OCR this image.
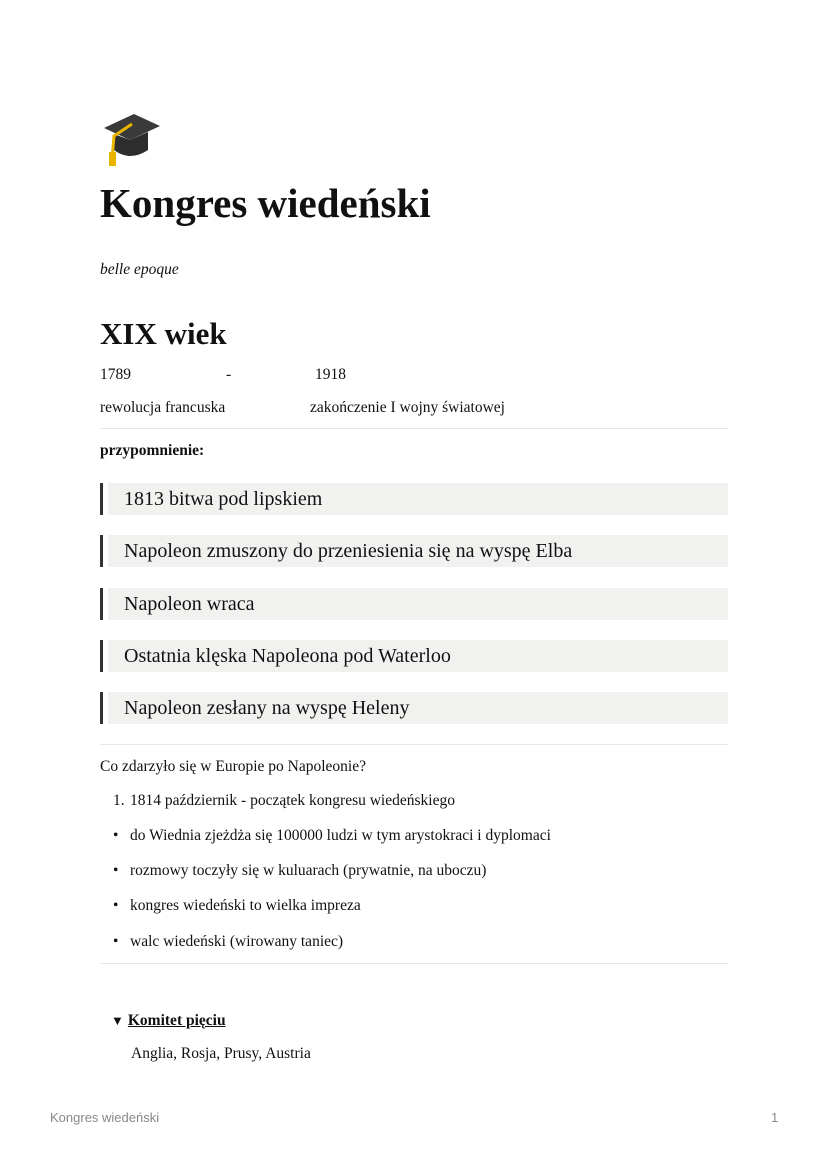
Kongres wiedeński
belle epoque
XIX wiek
1789	-	1918
rewolucja francuska	zakończenie I wojny światowej
przypomnienie:
1813 bitwa pod lipskiem
Napoleon zmuszony do przeniesienia się na wyspę Elba
Napoleon wraca
Ostatnia klęska Napoleona pod Waterloo
Napoleon zesłany na wyspę Heleny
Co zdarzyło się w Europie po Napoleonie?
1. 1814 październik - początek kongresu wiedeńskiego
• do Wiednia zjeżdża się 100000 ludzi w tym arystokraci i dyplomaci
• rozmowy toczyły się w kuluarach (prywatnie, na uboczu)
• kongres wiedeński to wielka impreza
• walc wiedeński (wirowany taniec)
▼ Komitet pięciu
Anglia, Rosja, Prusy, Austria
Kongres wiedeński	1
